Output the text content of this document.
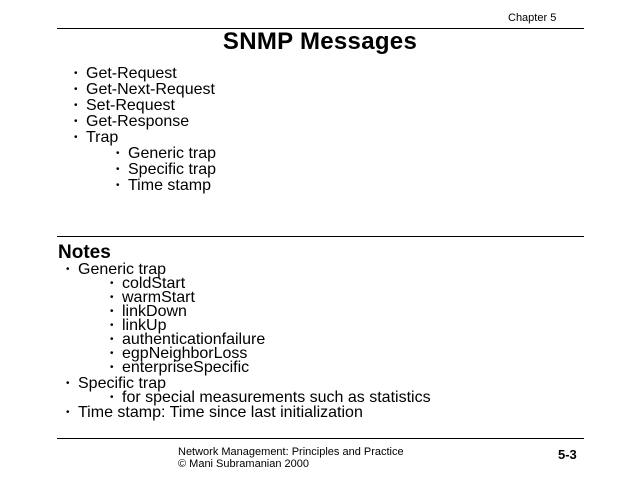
Chapter 5
SNMP Messages
• Get-Request
• Get-Next-Request
• Set-Request
• Get-Response
• Trap
• Generic trap
• Specific trap
• Time stamp
Notes
• Generic trap
• coldStart
• warmStart
• linkDown
• linkUp
• authenticationfailure
• egpNeighborLoss
• enterpriseSpecific
• Specific trap
• for special measurements such as statistics
• Time stamp: Time since last initialization
Network Management: Principles and Practice
© Mani Subramanian 2000
5-3
